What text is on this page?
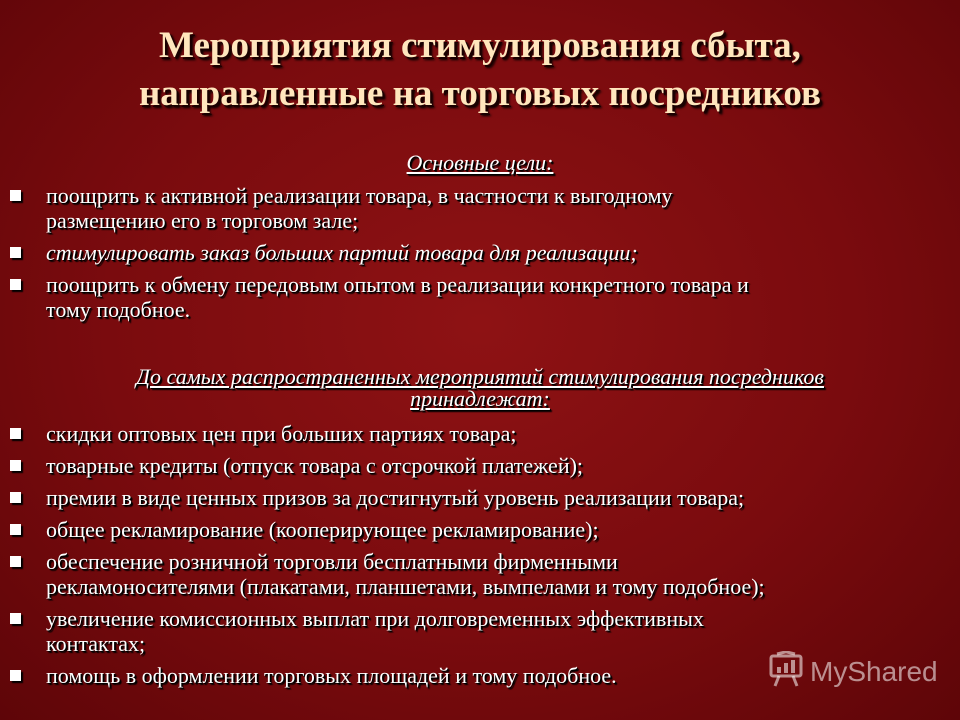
Мероприятия стимулирования сбыта,
направленные на торговых посредников
Основные цели:
поощрить к активной реализации товара, в частности к выгодному
размещению его в торговом зале;
стимулировать заказ больших партий товара для реализации;
поощрить к обмену передовым опытом в реализации конкретного товара и
тому подобное.
До самых распространенных мероприятий стимулирования посредников
принадлежат:
скидки оптовых цен при больших партиях товара;
товарные кредиты (отпуск товара с отсрочкой платежей);
премии в виде ценных призов за достигнутый уровень реализации товара;
общее рекламирование (кооперирующее рекламирование);
обеспечение розничной торговли бесплатными фирменными
рекламоносителями (плакатами, планшетами, вымпелами и тому подобное);
увеличение комиссионных выплат при долговременных эффективных
контактах;
помощь в оформлении торговых площадей и тому подобное.	MyShared
